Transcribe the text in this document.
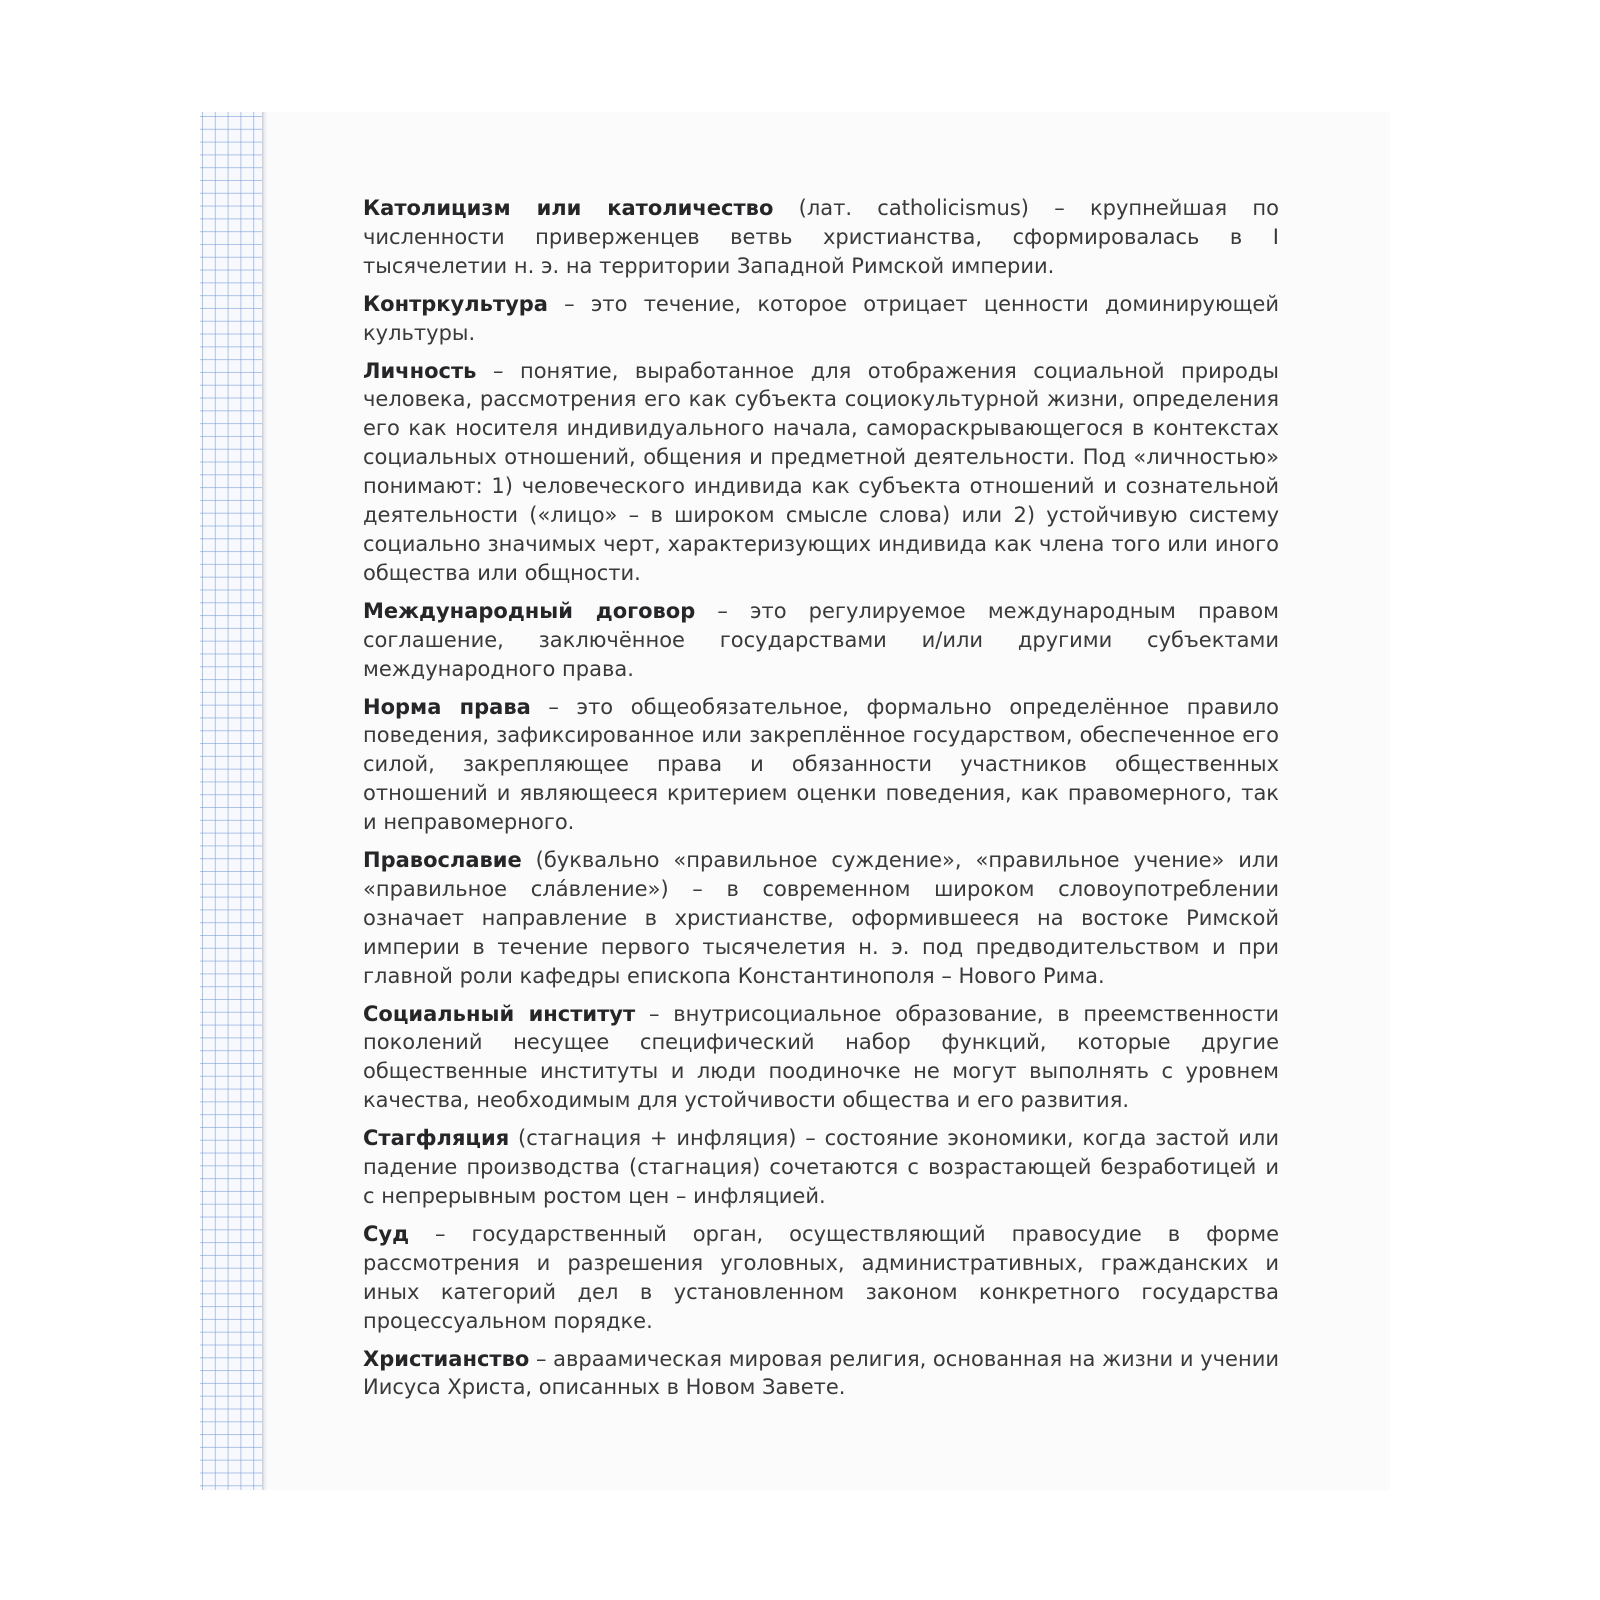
Католицизм или католичество (лат. catholicismus) – крупнейшая по численности приверженцев ветвь христианства, сформировалась в I тысячелетии н. э. на территории Западной Римской империи.

Контркультура – это течение, которое отрицает ценности доминирующей культуры.

Личность – понятие, выработанное для отображения социальной природы человека, рассмотрения его как субъекта социокультурной жизни, определения его как носителя индивидуального начала, самораскрывающегося в контекстах социальных отношений, общения и предметной деятельности. Под «личностью» понимают: 1) человеческого индивида как субъекта отношений и сознательной деятельности («лицо» – в широком смысле слова) или 2) устойчивую систему социально значимых черт, характеризующих индивида как члена того или иного общества или общности.

Международный договор – это регулируемое международным правом соглашение, заключённое государствами и/или другими субъектами международного права.

Норма права – это общеобязательное, формально определённое правило поведения, зафиксированное или закреплённое государством, обеспеченное его силой, закрепляющее права и обязанности участников общественных отношений и являющееся критерием оценки поведения, как правомерного, так и неправомерного.

Православие (буквально «правильное суждение», «правильное учение» или «правильное сла́вление») – в современном широком словоупотреблении означает направление в христианстве, оформившееся на востоке Римской империи в течение первого тысячелетия н. э. под предводительством и при главной роли кафедры епископа Константинополя – Нового Рима.

Социальный институт – внутрисоциальное образование, в преемственности поколений несущее специфический набор функций, которые другие общественные институты и люди поодиночке не могут выполнять с уровнем качества, необходимым для устойчивости общества и его развития.

Стагфляция (стагнация + инфляция) – состояние экономики, когда застой или падение производства (стагнация) сочетаются с возрастающей безработицей и с непрерывным ростом цен – инфляцией.

Суд – государственный орган, осуществляющий правосудие в форме рассмотрения и разрешения уголовных, административных, гражданских и иных категорий дел в установленном законом конкретного государства процессуальном порядке.

Христианство – авраамическая мировая религия, основанная на жизни и учении Иисуса Христа, описанных в Новом Завете.
